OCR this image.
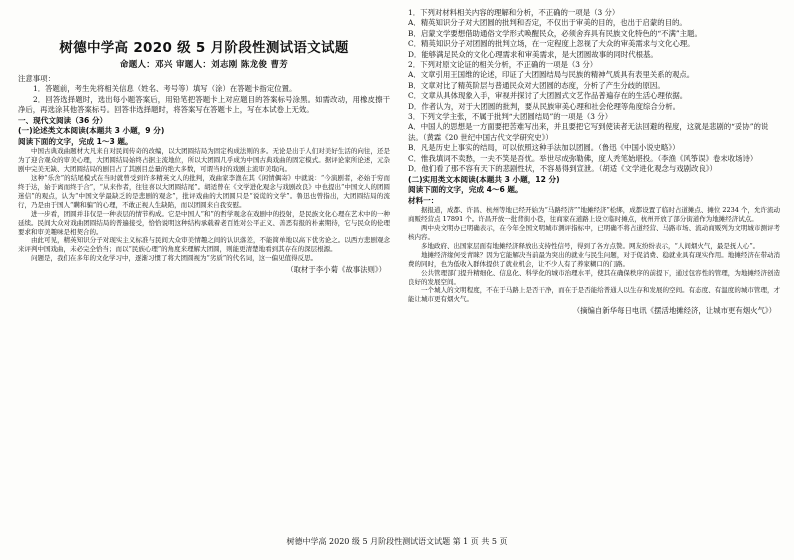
树德中学高 2020 级 5 月阶段性测试语文试题
命题人：邓兴 审题人：刘志刚 陈龙俊 曹芳

注意事项：

1．答题前，考生先将相关信息（姓名、考号等）填写（涂）在答题卡指定位置。

2．回答选择题时，选出每小题答案后，用铅笔把答题卡上对应题目的答案标号涂黑。如需改动，用橡皮擦干净后，再选涂其他答案标号。回答非选择题时，将答案写在答题卡上，写在本试卷上无效。

一、现代文阅读（36 分）

(一)论述类文本阅读(本题共 3 小题，9 分)

阅读下面的文字，完成 1～3 题。

中国古典戏曲题材大凡来自对民间传奇的改编，以大团圆结局为固定构成法则的多。无论是出于人们对美好生活的向往，还是为了迎合观众的审美心理，大团圆结局始终占据主流地位，所以大团圆几乎成为中国古典戏曲的固定模式。据评论家所论述，元杂剧中完美无缺、大团圆结局的剧目占了其剧目总量的绝大多数，可谓当时的戏剧主流审美取向。

这种“乐舍”的结尾模式在当时就曾受到许多精英文人的批判，戏曲家李渔在其《闲情偶寄》中就说：“今演剧者，必始于穷而终于达，始于离而终于合”，“从来作者，往往喜以大团圆结尾”。胡适曾在《文学进化观念与戏剧改良》中也提出“中国文人的团圆迷信”的观点，认为“中国文学最缺乏的是悲剧的观念”，批评戏曲的大团圆只是“说谎的文学”。鲁迅也曾指出，大团圆结局的流行，乃是由于国人“瞒和骗”的心理，不敢正视人生缺陷，而以团圆来自我安慰。

进一步看，团圆并非仅是一种表层的情节构成。它是中国人“和”的哲学观念在戏剧中的投射，是民族文化心理在艺术中的一种延续。民间大众对戏曲团圆结局的普遍接受，恰恰说明这种结构承载着老百姓对公平正义、善恶有报的朴素期待，它与民众的伦理要求和审美趣味是相契合的。

由此可见，精英知识分子对现实主义标准与民间大众审美情趣之间的认识落差，不能简单地以高下优劣论之。以西方悲剧观念来评判中国戏曲，未必完全恰当；而以“民族心理”的角度来理解大团圆，则能更清楚地看到其存在的深层根源。

问题是，我们在多年的文化学习中，逐渐习惯了将大团圆视为“劣质”的代名词，这一偏见值得反思。

（取材于李小菊《故事法则》）

1．下列对材料相关内容的理解和分析，不正确的一项是（3 分）

A．精英知识分子对大团圆的批判和否定，不仅出于审美的目的，也出于启蒙的目的。

B．启蒙文学要想借助通俗文学形式唤醒民众，必须舍弃具有民族文化特色的“不满”主题。

C．精英知识分子对团圆的批判立场，在一定程度上忽视了大众的审美需求与文化心理。

D．能够满足民众的文化心理需求和审美需求，是大团圆故事的同时代根基。

2．下列对原文论证的相关分析，不正确的一项是（3 分）

A．文章引用王国维的论述，印证了大团圆结局与民族的精神气质具有表里关系的观点。

B．文章对比了精英阶层与普通民众对大团圆的态度，分析了产生分歧的原因。

C．文章从具体现象入手，审视并探讨了大团圆式文艺作品普遍存在的生活心理依据。

D．作者认为，对于大团圆的批判，要从民族审美心理和社会伦理等角度综合分析。

3．下列文学主张，不属于批判“大团圆结局”的一项是（3 分）

A．中国人的思想是一方面要把苦难写出来，并且要把它写到使读者无法回避的程度，这就是悲剧的“妥协”的说法。（黄霖《20 世纪中国古代文学研究史》）

B．凡是历史上事实的结局，可以依照这种手法加以团圆。（鲁迅《中国小说史略》）

C．惟我填词不卖愁，一夫不笑是吾忧。举世尽成弥勒佛，度人秃笔始堪投。（李渔《风筝误》卷末收场诗）

D．他们看了那不容有天下的悲剧性状，不容易得到宣泄。（胡适《文学进化观念与戏剧改良》）

(二)实用类文本阅读(本题共 3 小题，12 分)

阅读下面的文字，完成 4～6 题。

材料一：

据报道，成都、许昌、杭州等地已经开始为“马路经济”“地摊经济”松绑，成都设置了临时占道摊点、摊位 2234 个，允许流动商贩经营点 17891 个。许昌开放一批背街小巷，往商家在道路上设立临时摊点，杭州开放了部分街道作为地摊经济试点。

两中央文明办已明确表示，在今年全国文明城市测评指标中，已明确不将占道经营、马路市场、流动商贩列为文明城市测评考核内容。

多地政府、出国家层面有地摊经济释放出支持性信号，得到了各方点赞。网友纷纷表示，“人间烟火气，最是抚人心”。

地摊经济缘何受青睐？因为它能解决当前最为突出的就业与民生问题，对于促消费、稳就业具有现实作用。地摊经济在带动消费的同时，也为低收入群体提供了就业机会，让不少人有了养家糊口的门路。

公共管理部门提升精细化、信息化、科学化的城市治理水平，使其在确保秩序的前提下，通过包容性的管理，为地摊经济创造良好的发展空间。

一个城人的文明程度，不在于马路上是否干净，而在于是否能给普通人以生存和发展的空间。有态度、有温度的城市管理，才能让城市更有烟火气。

（摘编自新华每日电讯《摆活地摊经济，让城市更有烟火气》）

树德中学高 2020 级 5 月阶段性测试语文试题 第 1 页 共 5 页
